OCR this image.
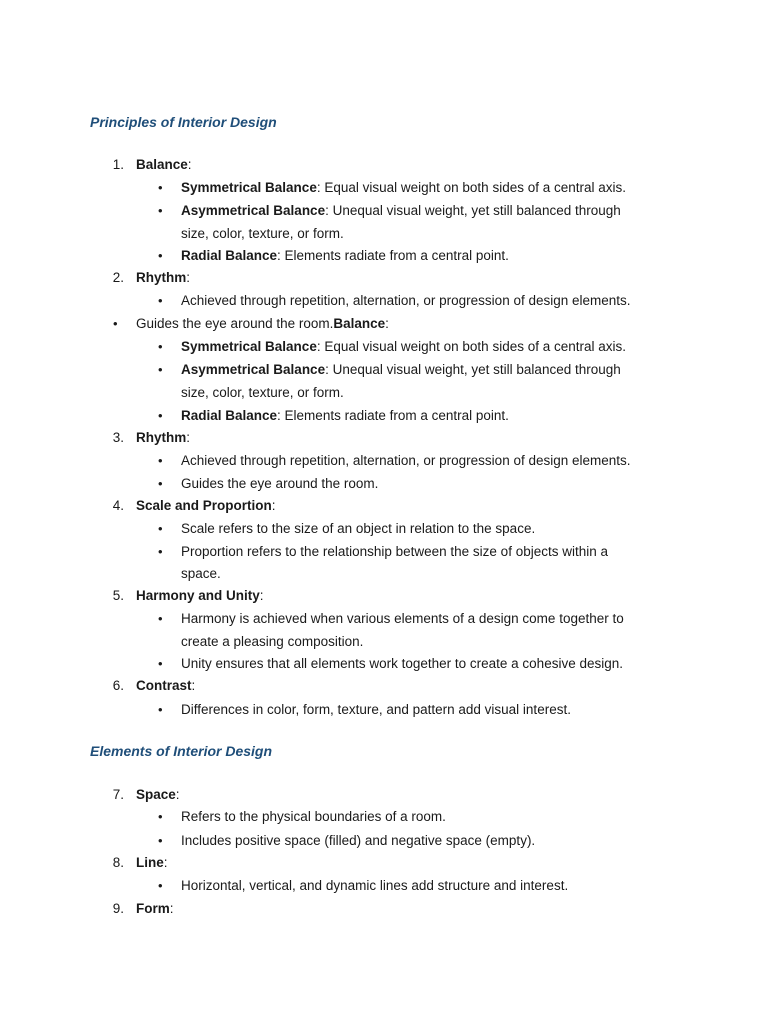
Principles of Interior Design

1. Balance:
• Symmetrical Balance: Equal visual weight on both sides of a central axis.
• Asymmetrical Balance: Unequal visual weight, yet still balanced through
size, color, texture, or form.
• Radial Balance: Elements radiate from a central point.
2. Rhythm:
• Achieved through repetition, alternation, or progression of design elements.
• Guides the eye around the room.Balance:
• Symmetrical Balance: Equal visual weight on both sides of a central axis.
• Asymmetrical Balance: Unequal visual weight, yet still balanced through
size, color, texture, or form.
• Radial Balance: Elements radiate from a central point.
3. Rhythm:
• Achieved through repetition, alternation, or progression of design elements.
• Guides the eye around the room.
4. Scale and Proportion:
• Scale refers to the size of an object in relation to the space.
• Proportion refers to the relationship between the size of objects within a
space.
5. Harmony and Unity:
• Harmony is achieved when various elements of a design come together to
create a pleasing composition.
• Unity ensures that all elements work together to create a cohesive design.
6. Contrast:
• Differences in color, form, texture, and pattern add visual interest.

Elements of Interior Design

7. Space:
• Refers to the physical boundaries of a room.
• Includes positive space (filled) and negative space (empty).
8. Line:
• Horizontal, vertical, and dynamic lines add structure and interest.
9. Form:
